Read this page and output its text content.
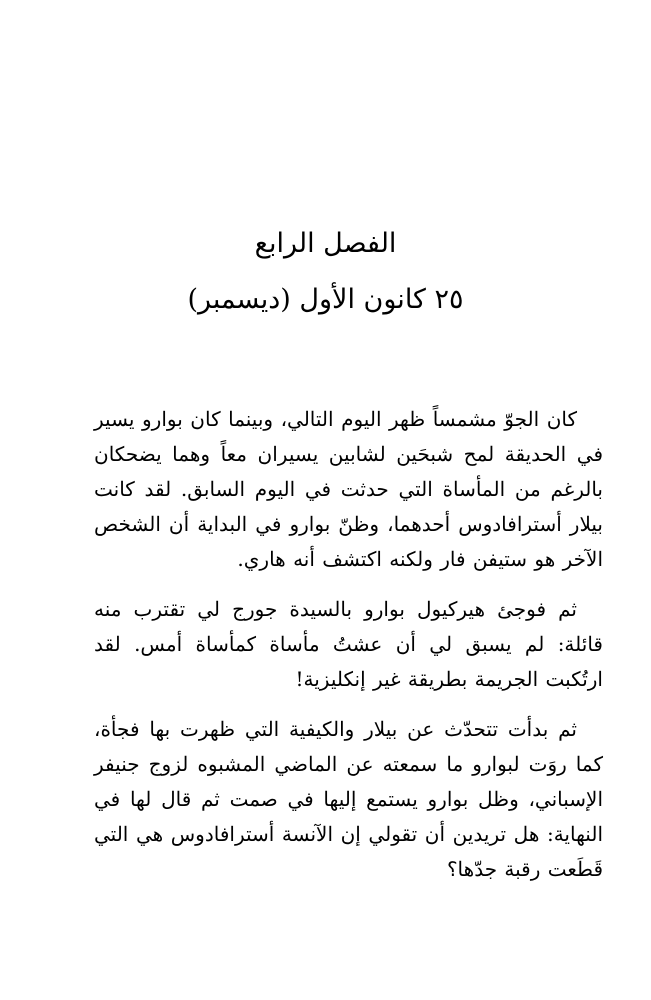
الفصل الرابع
٢٥ كانون الأول (ديسمبر)

كان الجوّ مشمساً ظهر اليوم التالي، وبينما كان بوارو يسير في الحديقة لمح شبحَين لشابين يسيران معاً وهما يضحكان بالرغم من المأساة التي حدثت في اليوم السابق. لقد كانت بيلار أسترافادوس أحدهما، وظنّ بوارو في البداية أن الشخص الآخر هو ستيفن فار ولكنه اكتشف أنه هاري.

ثم فوجئ هيركيول بوارو بالسيدة جورج لي تقترب منه قائلة: لم يسبق لي أن عشتُ مأساة كمأساة أمس. لقد ارتُكبت الجريمة بطريقة غير إنكليزية!

ثم بدأت تتحدّث عن بيلار والكيفية التي ظهرت بها فجأة، كما روَت لبوارو ما سمعته عن الماضي المشبوه لزوج جنيفر الإسباني، وظل بوارو يستمع إليها في صمت ثم قال لها في النهاية: هل تريدين أن تقولي إن الآنسة أسترافادوس هي التي قَطَعت رقبة جدّها؟
